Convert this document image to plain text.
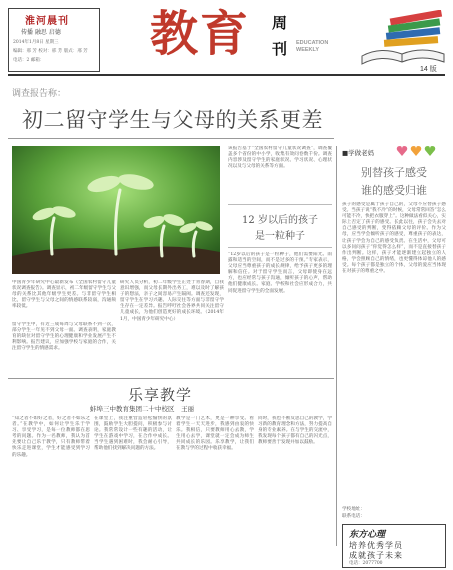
淮河晨刊
传播 融思 启德
2014年1月8日 星期三
编辑：邢 芳 校对：邢 芳 版式：邢 芳
电话：2 邮箱： 教育 周
刊 EDUCATION WEEKLY
14 版
调查报告称：
初二留守学生与父母的关系更差
中国青少年研究中心最新发布《全国农村留守儿童状况调查报告》。调查显示，初二年级留守学生与父母的关系比其他年级学生更差。与非留守学生相比，留守学生与父母之间的情感联系较弱，沟通频率较低。
留守学生中，有近三成每周与父母联系不到一次，部分学生一年见不到父母一面。调查表明，家庭教育的缺位对留守学生的心理健康和学业发展产生不利影响。报告建议，应加强学校与家庭的合作，关注留守学生的情感需求。
研究人员分析，初二年级学生正处于青春期，自我意识增强，而父母长期外出务工，难以及时了解孩子的想法，亲子之间容易产生隔阂。调查还发现，留守学生在学习兴趣、人际交往等方面与非留守学生存在一定差异。报告呼吁社会各界共同关注留守儿童成长，为他们创造更好的成长环境。（2014年1月，中国青少年研究中心）
该报告基于“全国农村留守儿童状况调查”，调查覆盖多个省份的中小学，收集有效问卷数千份。调查内容涉及留守学生的家庭状况、学习状况、心理状况以及与父母的关系等方面。
12 岁以后的孩子
是一粒种子
“12岁以后的孩子是一粒种子，他们需要阳光、雨露和适当的空间，而不是过多的干预。”专家表示，父母应当尊重孩子的成长规律，给予孩子更多的理解和信任。对于留守学生而言，父母即使身在远方，也应经常与孩子沟通，倾听孩子的心声，帮助他们健康成长。家庭、学校和社会应形成合力，共同促进留守学生的全面发展。
■学做老妈
别替孩子感受
谁的感受归谁
孩子的感受是属于孩子自己的，父母不应替孩子感受。当孩子说“我不冷”的时候，父母常常回答“怎么可能不冷，快把衣服穿上”。这种做法看似关心，实际上否定了孩子的感受。长此以往，孩子会失去对自己感受的判断，变得依赖父母的评价。作为父母，应当学会倾听孩子的感受，尊重孩子的表达，让孩子学会为自己的感受负责。在生活中，父母可以多问问孩子“你觉得怎么样”，而不是直接替孩子作出判断。这样，孩子才能逐渐建立起独立的人格，学会照顾自己的情绪，也更懂得体谅他人的感受。每个孩子都是独立的个体，父母的爱应当体现在对孩子的尊重之中。
学校地址：
联系电话：
东方心理
培养优秀学员
成就孩子未来
电话：2077700
乐享教学
蚌埠三中教育集团二十中校区　王丽
“知之者不如好之者，好之者不如乐之者。”在教学中，如何让学生乐于学习、享受学习，是每一位教师都在思考的问题。作为一名教师，我认为首先要让自己乐于教学，只有教师带着快乐走进课堂，学生才能感受到学习的乐趣。
在课堂上，我注重营造轻松愉快的氛围，鼓励学生大胆提问，积极参与讨论。我常常设计一些有趣的活动，让学生在游戏中学习，在合作中成长。当学生遇到困难时，我会耐心引导，帮助他们找到解决问题的方法。
教学是一门艺术，更是一种享受。看着学生一天天进步，我感到由衷的快乐。我相信，只要教师用心去教，学生用心去学，课堂就一定会成为师生共同成长的乐园。乐享教学，让我们在教与学的过程中收获幸福。
同时，我也不断反思自己的教学，学习新的教育理念和方法，努力提高自身的专业素养。在与学生的交流中，我发现每个孩子都有自己的闪光点，教师要善于发现并加以鼓励。
